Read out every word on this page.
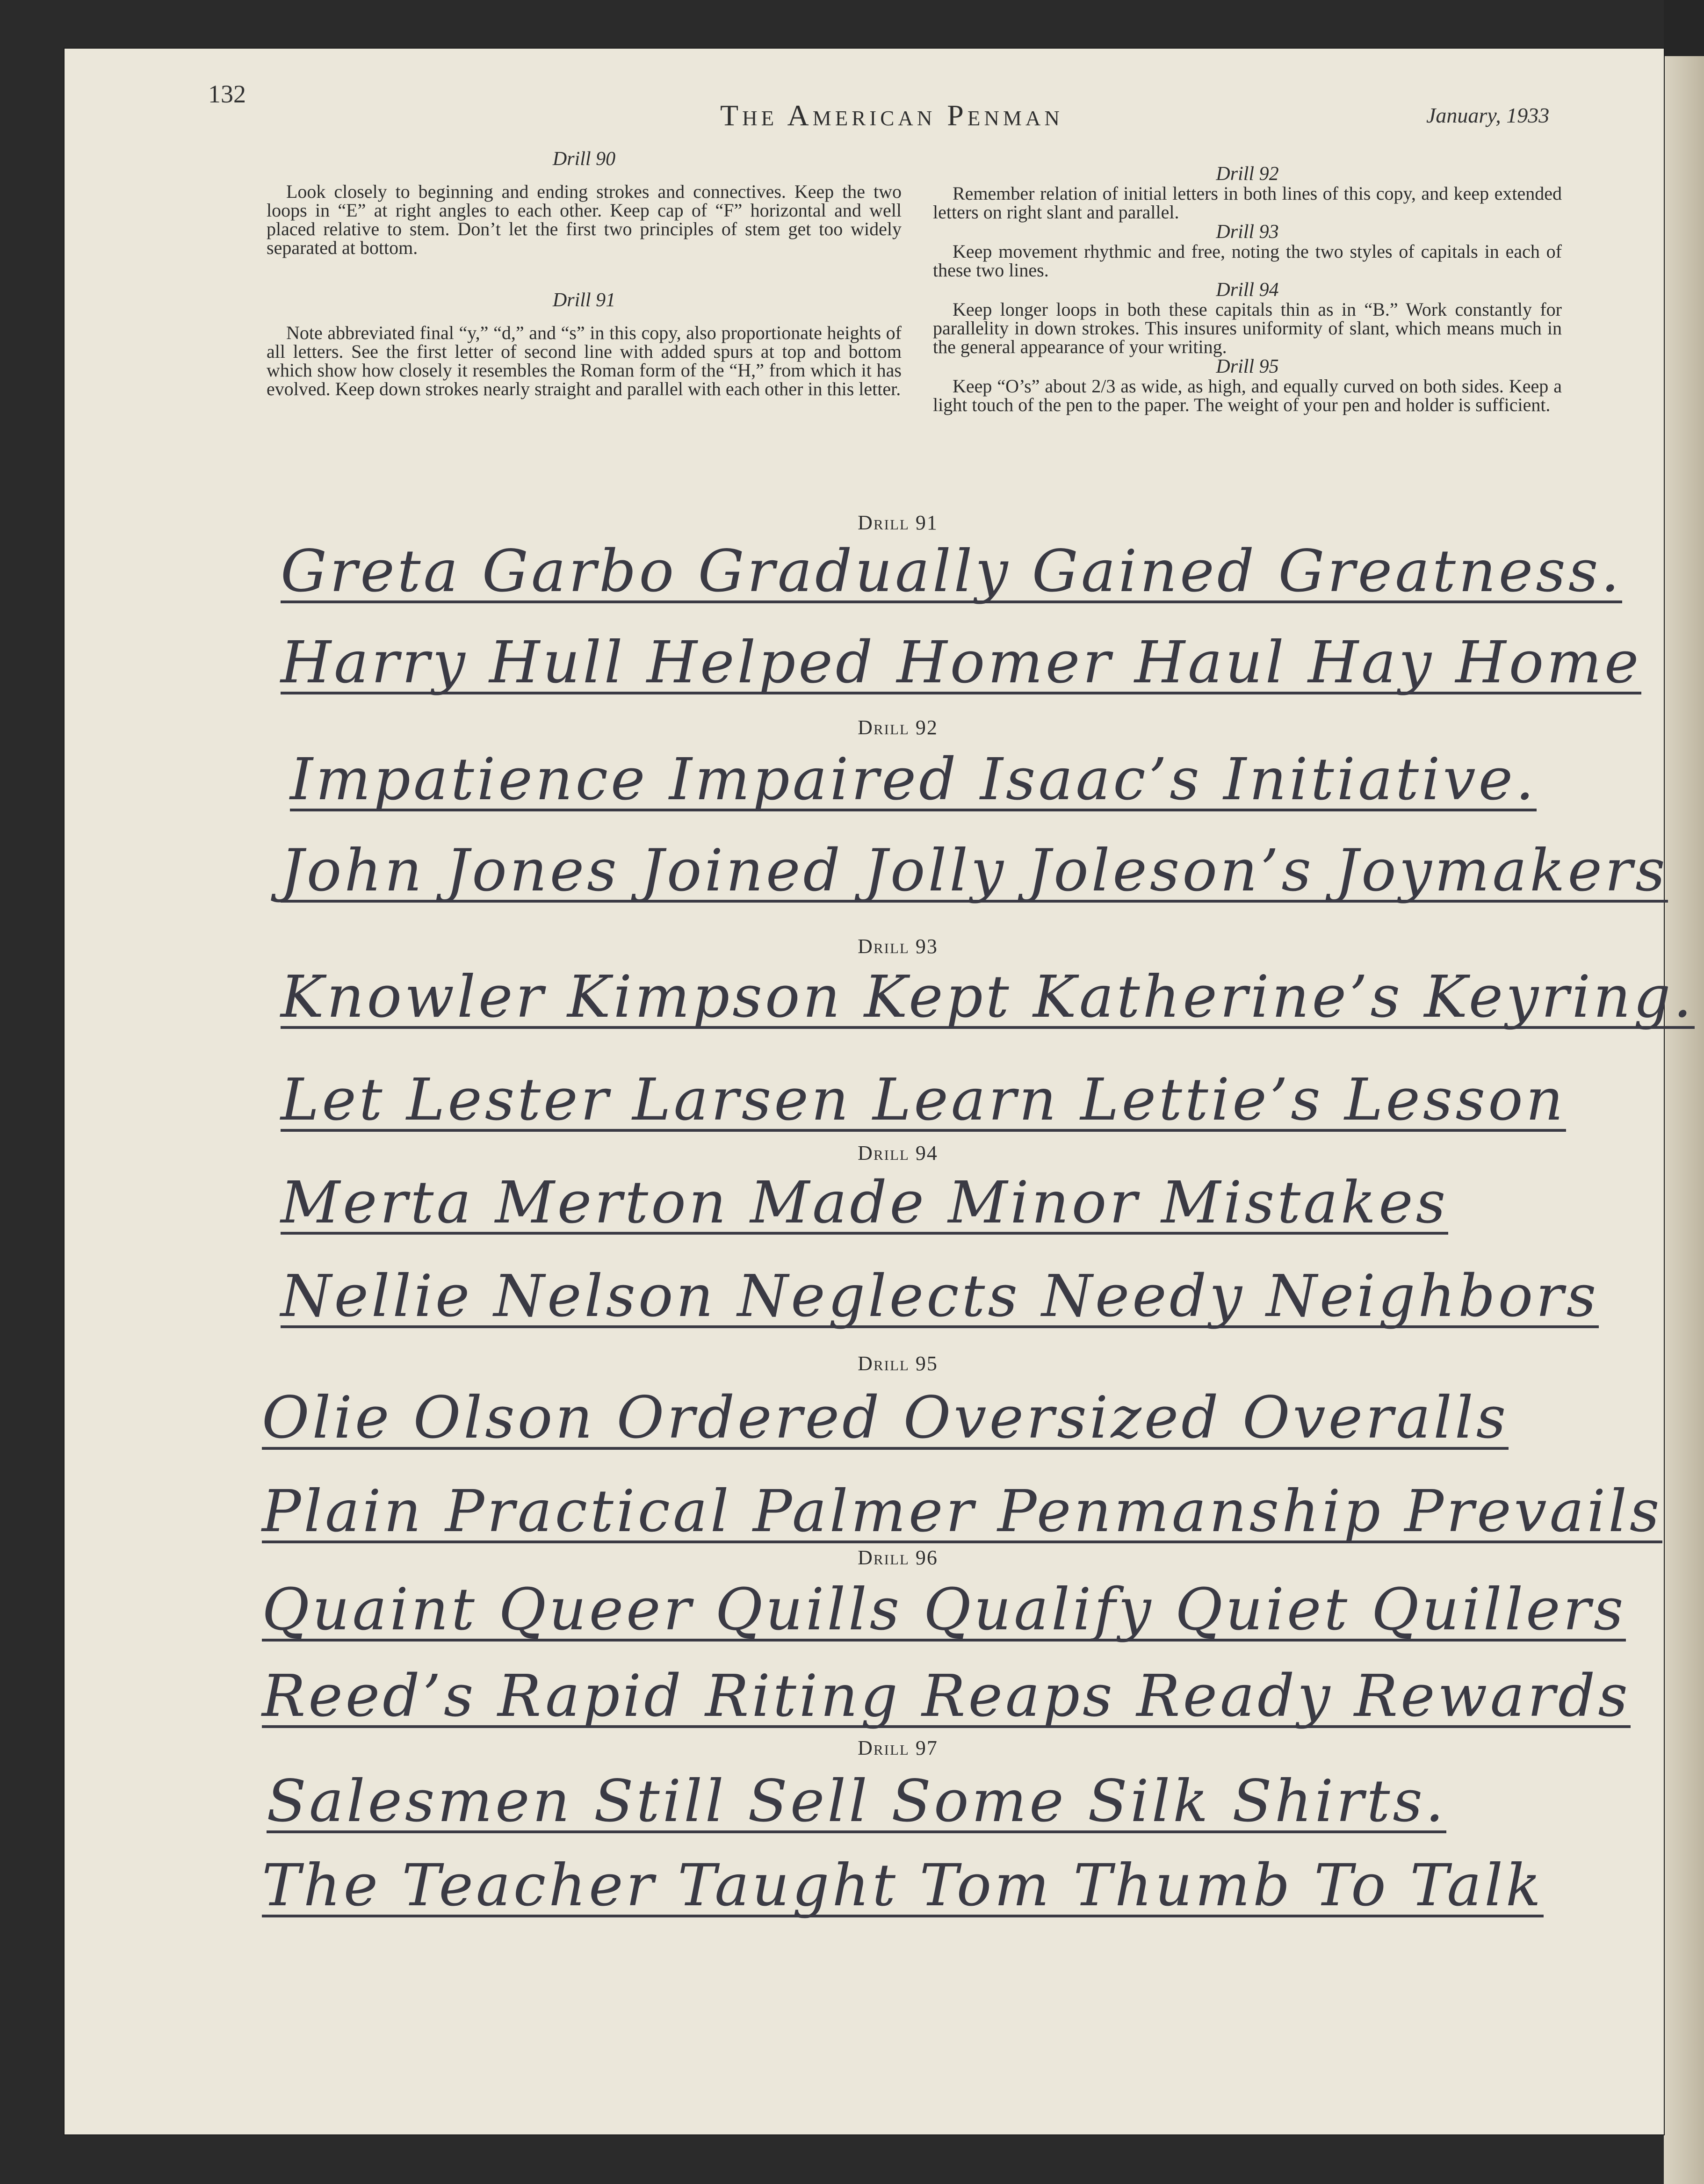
132
The American Penman	January, 1933

Drill 90

Look closely to beginning and ending strokes and connectives. Keep the two loops in “E” at right angles to each other. Keep cap of “F” horizontal and well placed relative to stem. Don’t let the first two principles of stem get too widely separated at bottom.

Drill 91

Note abbreviated final “y,” “d,” and “s” in this copy, also proportionate heights of all letters. See the first letter of second line with added spurs at top and bottom which show how closely it resembles the Roman form of the “H,” from which it has evolved. Keep down strokes nearly straight and parallel with each other in this letter.

Drill 92

Remember relation of initial letters in both lines of this copy, and keep extended letters on right slant and parallel.

Drill 93

Keep movement rhythmic and free, noting the two styles of capitals in each of these two lines.

Drill 94

Keep longer loops in both these capitals thin as in “B.” Work constantly for parallelity in down strokes. This insures uniformity of slant, which means much in the general appearance of your writing.

Drill 95

Keep “O’s” about 2/3 as wide, as high, and equally curved on both sides. Keep a light touch of the pen to the paper. The weight of your pen and holder is sufficient.

Drill 91
Greta Garbo Gradually Gained Greatness.
Harry Hull Helped Homer Haul Hay Home
Drill 92
Impatience Impaired Isaac’s Initiative.
John Jones Joined Jolly Joleson’s Joymakers
Drill 93
Knowler Kimpson Kept Katherine’s Keyring.
Let Lester Larsen Learn Lettie’s Lesson
Drill 94
Merta Merton Made Minor Mistakes
Nellie Nelson Neglects Needy Neighbors
Drill 95
Olie Olson Ordered Oversized Overalls
Plain Practical Palmer Penmanship Prevails
Drill 96
Quaint Queer Quills Qualify Quiet Quillers
Reed’s Rapid Riting Reaps Ready Rewards
Drill 97
Salesmen Still Sell Some Silk Shirts.
The Teacher Taught Tom Thumb To Talk
